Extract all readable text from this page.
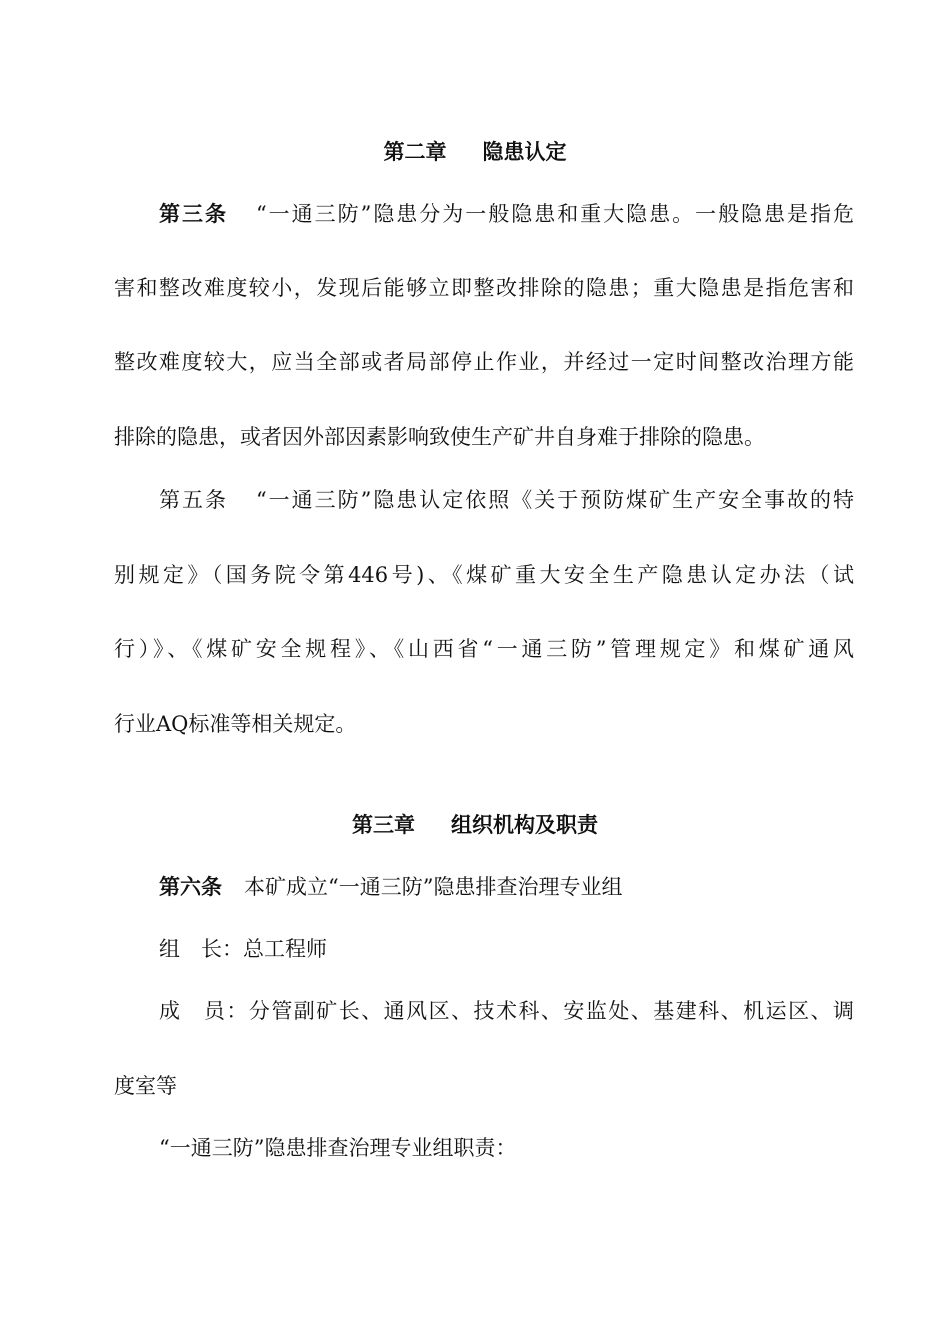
第二章 隐患认定
第三条 “一通三防”隐患分为一般隐患和重大隐患。一般隐患是指危
害和整改难度较小，发现后能够立即整改排除的隐患；重大隐患是指危害和
整改难度较大，应当全部或者局部停止作业，并经过一定时间整改治理方能
排除的隐患，或者因外部因素影响致使生产矿井自身难于排除的隐患。
第五条 “一通三防”隐患认定依照《关于预防煤矿生产安全事故的特
别规定》（国务院令第446号)、《煤矿重大安全生产隐患认定办法（试
行）》、《煤矿安全规程》、《山西省“一通三防”管理规定》和煤矿通风
行业AQ标准等相关规定。
第三章 组织机构及职责
第六条 本矿成立“一通三防”隐患排查治理专业组
组　长：总工程师
成　员：分管副矿长、通风区、技术科、安监处、基建科、机运区、调
度室等
“一通三防”隐患排查治理专业组职责：
